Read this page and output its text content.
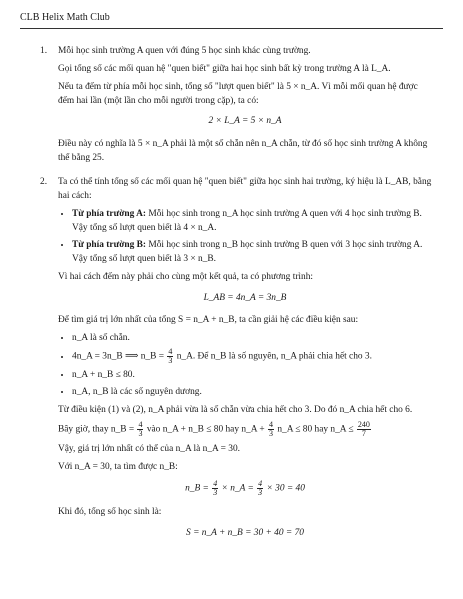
CLB Helix Math Club
1. Mỗi học sinh trường A quen với đúng 5 học sinh khác cùng trường.

Gọi tổng số các mối quan hệ "quen biết" giữa hai học sinh bất kỳ trong trường A là L_A.

Nếu ta đếm từ phía mỗi học sinh, tổng số "lượt quen biết" là 5 × n_A. Vì mỗi mối quan hệ được đếm hai lần (một lần cho mỗi người trong cặp), ta có:

2 × L_A = 5 × n_A

Điều này có nghĩa là 5 × n_A phải là một số chẵn nên n_A chẵn, từ đó số học sinh trường A không thể bằng 25.

2. Ta có thể tính tổng số các mối quan hệ "quen biết" giữa học sinh hai trường, ký hiệu là L_AB, bằng hai cách:

• Từ phía trường A: Mỗi học sinh trong n_A học sinh trường A quen với 4 học sinh trường B. Vậy tổng số lượt quen biết là 4 × n_A.
• Từ phía trường B: Mỗi học sinh trong n_B học sinh trường B quen với 3 học sinh trường A. Vậy tổng số lượt quen biết là 3 × n_B.

Vì hai cách đếm này phải cho cùng một kết quả, ta có phương trình:

L_AB = 4n_A = 3n_B

Để tìm giá trị lớn nhất của tổng S = n_A + n_B, ta cần giải hệ các điều kiện sau:

• n_A là số chẵn.
• 4n_A = 3n_B ⟹ n_B = $\frac{4}{3}$ n_A. Để n_B là số nguyên, n_A phải chia hết cho 3.
• n_A + n_B ≤ 80.
• n_A, n_B là các số nguyên dương.

Từ điều kiện (1) và (2), n_A phải vừa là số chẵn vừa chia hết cho 3. Do đó n_A chia hết cho 6.

Bây giờ, thay n_B = $\frac{4}{3}$ vào n_A + n_B ≤ 80 hay n_A + $\frac{4}{3}$ n_A ≤ 80 hay n_A ≤ $\frac{240}{7}$

Vậy, giá trị lớn nhất có thể của n_A là n_A = 30.

Với n_A = 30, ta tìm được n_B:

n_B = $\frac{4}{3}$ × n_A = $\frac{4}{3} \times 30 = 40$

Khi đó, tổng số học sinh là:

S = n_A + n_B = 30 + 40 = 70
